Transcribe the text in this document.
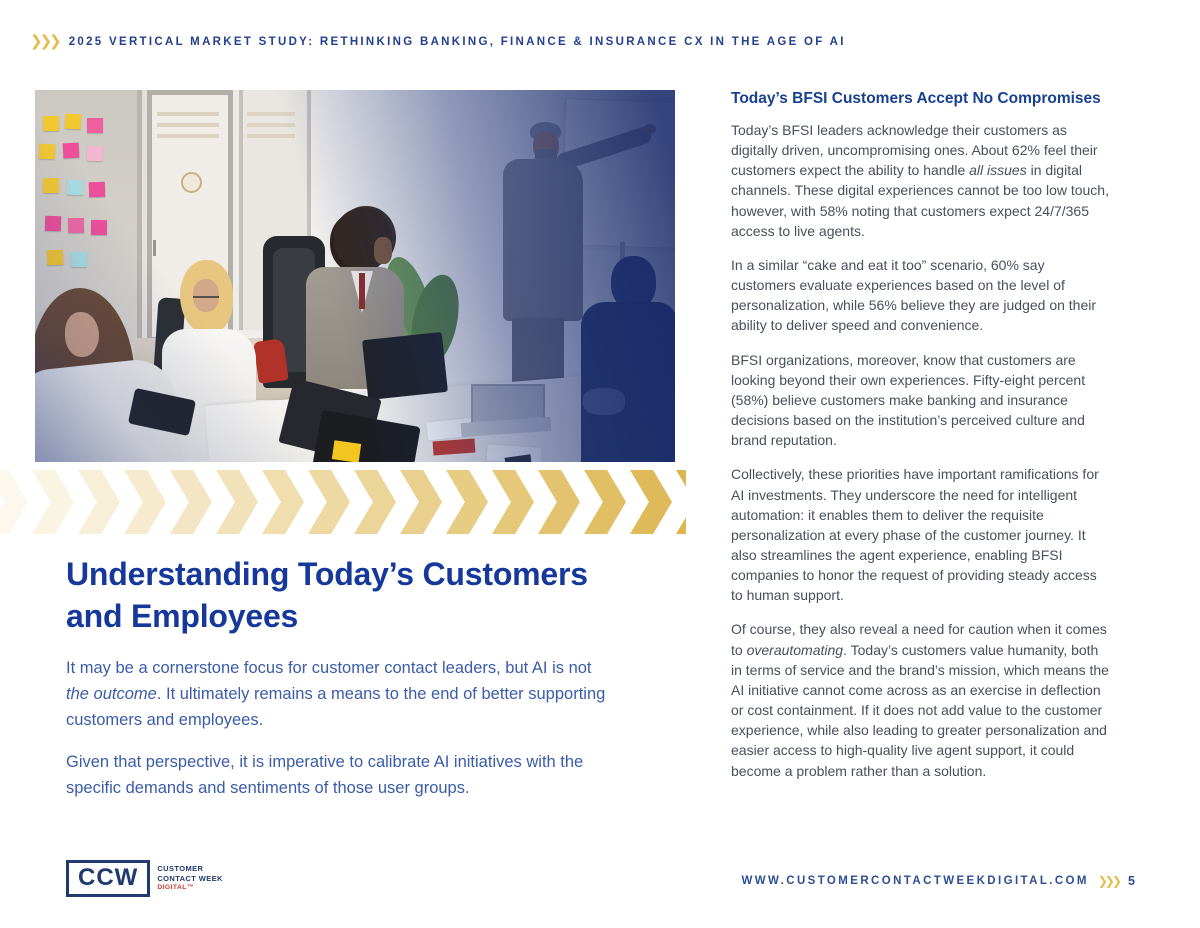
❯❯❯ 2025 VERTICAL MARKET STUDY: RETHINKING BANKING, FINANCE & INSURANCE CX IN THE AGE OF AI
Understanding Today’s Customers and Employees

It may be a cornerstone focus for customer contact leaders, but AI is not the outcome. It ultimately remains a means to the end of better supporting customers and employees.

Given that perspective, it is imperative to calibrate AI initiatives with the specific demands and sentiments of those user groups.

Today’s BFSI Customers Accept No Compromises

Today’s BFSI leaders acknowledge their customers as digitally driven, uncompromising ones. About 62% feel their customers expect the ability to handle all issues in digital channels. These digital experiences cannot be too low touch, however, with 58% noting that customers expect 24/7/365 access to live agents.

In a similar “cake and eat it too” scenario, 60% say customers evaluate experiences based on the level of personalization, while 56% believe they are judged on their ability to deliver speed and convenience.

BFSI organizations, moreover, know that customers are looking beyond their own experiences. Fifty-eight percent (58%) believe customers make banking and insurance decisions based on the institution’s perceived culture and brand reputation.

Collectively, these priorities have important ramifications for AI investments. They underscore the need for intelligent automation: it enables them to deliver the requisite personalization at every phase of the customer journey. It also streamlines the agent experience, enabling BFSI companies to honor the request of providing steady access to human support.

Of course, they also reveal a need for caution when it comes to overautomating. Today’s customers value humanity, both in terms of service and the brand’s mission, which means the AI initiative cannot come across as an exercise in deflection or cost containment. If it does not add value to the customer experience, while also leading to greater personalization and easier access to high-quality live agent support, it could become a problem rather than a solution.

CCW	CUSTOMER
CONTACT WEEK
DIGITAL™
WWW.CUSTOMERCONTACTWEEKDIGITAL.COM ❯❯❯ 5
